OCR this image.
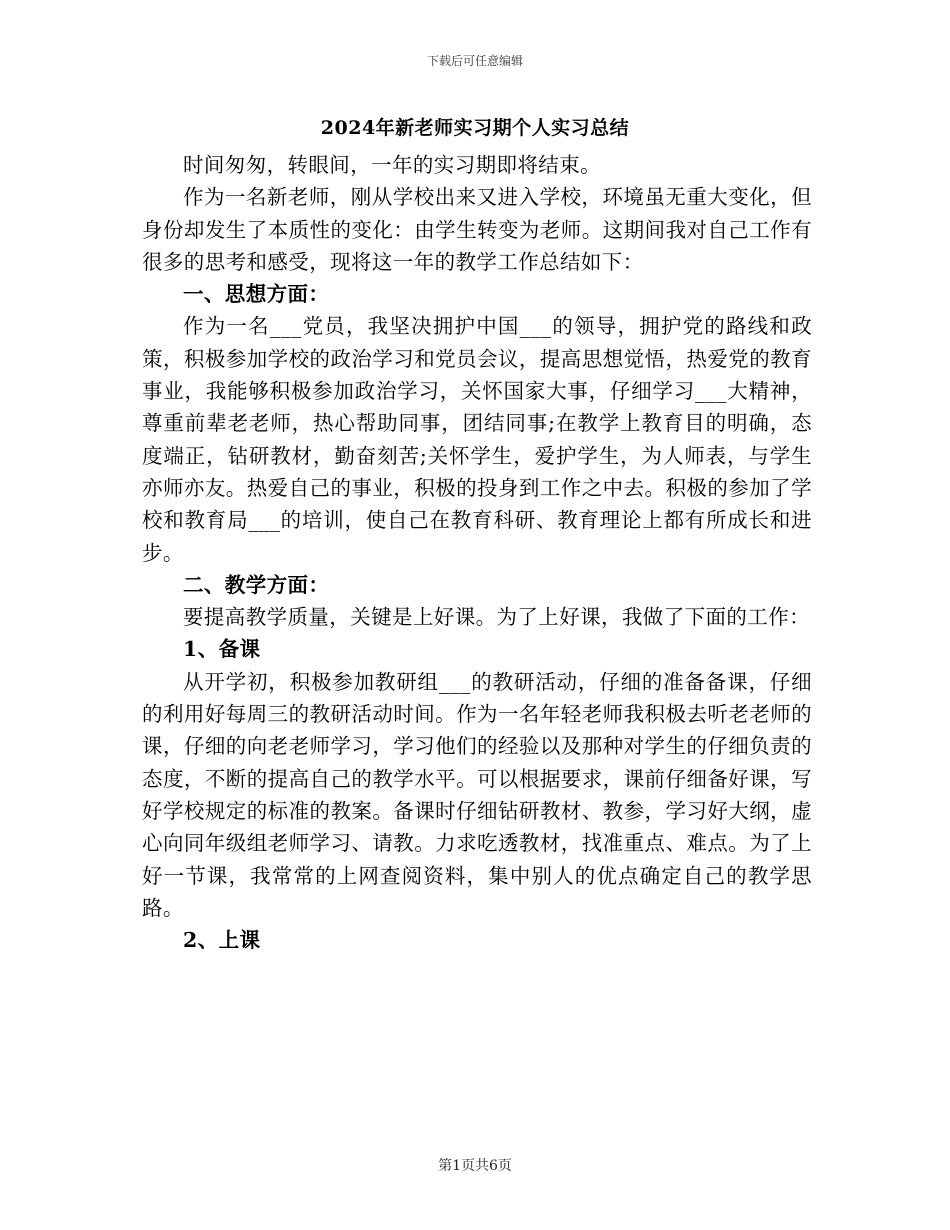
下载后可任意编辑
2024年新老师实习期个人实习总结

时间匆匆，转眼间，一年的实习期即将结束。

作为一名新老师，刚从学校出来又进入学校，环境虽无重大变化，但身份却发生了本质性的变化：由学生转变为老师。这期间我对自己工作有很多的思考和感受，现将这一年的教学工作总结如下：

一、思想方面：

作为一名___党员，我坚决拥护中国___的领导，拥护党的路线和政策，积极参加学校的政治学习和党员会议，提高思想觉悟，热爱党的教育事业，我能够积极参加政治学习，关怀国家大事，仔细学习___大精神，尊重前辈老老师，热心帮助同事，团结同事;在教学上教育目的明确，态度端正，钻研教材，勤奋刻苦;关怀学生，爱护学生，为人师表，与学生亦师亦友。热爱自己的事业，积极的投身到工作之中去。积极的参加了学校和教育局___的培训，使自己在教育科研、教育理论上都有所成长和进步。

二、教学方面：

要提高教学质量，关键是上好课。为了上好课，我做了下面的工作：

1、备课

从开学初，积极参加教研组___的教研活动，仔细的准备备课，仔细的利用好每周三的教研活动时间。作为一名年轻老师我积极去听老老师的课，仔细的向老老师学习，学习他们的经验以及那种对学生的仔细负责的态度，不断的提高自己的教学水平。可以根据要求，课前仔细备好课，写好学校规定的标准的教案。备课时仔细钻研教材、教参，学习好大纲，虚心向同年级组老师学习、请教。力求吃透教材，找准重点、难点。为了上好一节课，我常常的上网查阅资料，集中别人的优点确定自己的教学思路。

2、上课

第1页共6页
